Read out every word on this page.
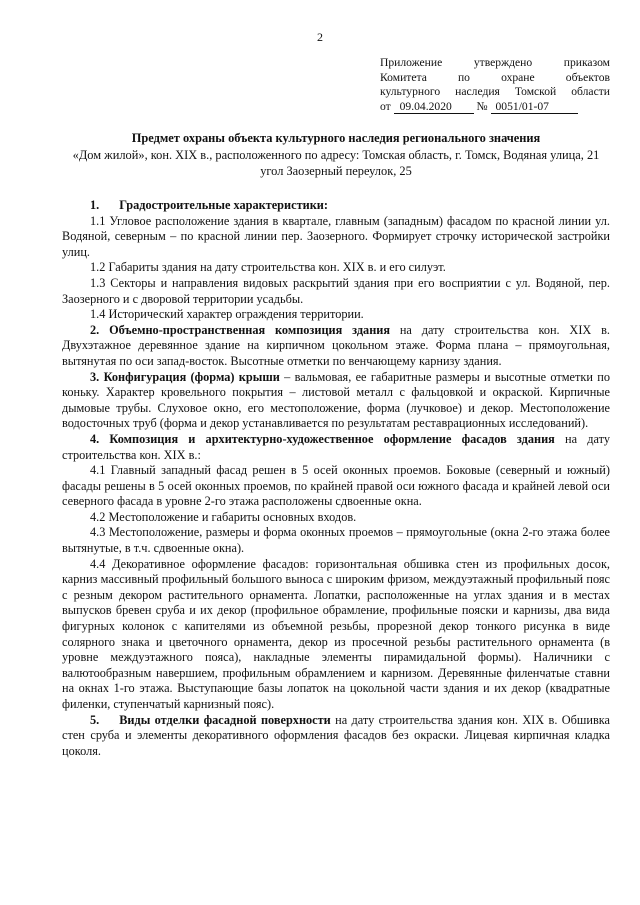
2
Приложение утверждено приказом
Комитета по охране объектов
культурного наследия Томской области
от 09.04.2020 № 0051/01-07
Предмет охраны объекта культурного наследия регионального значения
«Дом жилой», кон. XIX в., расположенного по адресу: Томская область, г. Томск, Водяная улица, 21 угол Заозерный переулок, 25

1. Градостроительные характеристики:

1.1 Угловое расположение здания в квартале, главным (западным) фасадом по красной линии ул. Водяной, северным – по красной линии пер. Заозерного. Формирует строчку исторической застройки улиц.

1.2 Габариты здания на дату строительства кон. XIX в. и его силуэт.

1.3 Секторы и направления видовых раскрытий здания при его восприятии с ул. Водяной, пер. Заозерного и с дворовой территории усадьбы.

1.4 Исторический характер ограждения территории.

2. Объемно-пространственная композиция здания на дату строительства кон. XIX в. Двухэтажное деревянное здание на кирпичном цокольном этаже. Форма плана – прямоугольная, вытянутая по оси запад-восток. Высотные отметки по венчающему карнизу здания.

3. Конфигурация (форма) крыши – вальмовая, ее габаритные размеры и высотные отметки по коньку. Характер кровельного покрытия – листовой металл с фальцовкой и окраской. Кирпичные дымовые трубы. Слуховое окно, его местоположение, форма (лучковое) и декор. Местоположение водосточных труб (форма и декор устанавливается по результатам реставрационных исследований).

4. Композиция и архитектурно-художественное оформление фасадов здания на дату строительства кон. XIX в.:

4.1 Главный западный фасад решен в 5 осей оконных проемов. Боковые (северный и южный) фасады решены в 5 осей оконных проемов, по крайней правой оси южного фасада и крайней левой оси северного фасада в уровне 2-го этажа расположены сдвоенные окна.

4.2 Местоположение и габариты основных входов.

4.3 Местоположение, размеры и форма оконных проемов – прямоугольные (окна 2-го этажа более вытянутые, в т.ч. сдвоенные окна).

4.4 Декоративное оформление фасадов: горизонтальная обшивка стен из профильных досок, карниз массивный профильный большого выноса с широким фризом, междуэтажный профильный пояс с резным декором растительного орнамента. Лопатки, расположенные на углах здания и в местах выпусков бревен сруба и их декор (профильное обрамление, профильные пояски и карнизы, два вида фигурных колонок с капителями из объемной резьбы, прорезной декор тонкого рисунка в виде солярного знака и цветочного орнамента, декор из просечной резьбы растительного орнамента (в уровне междуэтажного пояса), накладные элементы пирамидальной формы). Наличники с валютообразным навершием, профильным обрамлением и карнизом. Деревянные филенчатые ставни на окнах 1-го этажа. Выступающие базы лопаток на цокольной части здания и их декор (квадратные филенки, ступенчатый карнизный пояс).

5. Виды отделки фасадной поверхности на дату строительства здания кон. XIX в. Обшивка стен сруба и элементы декоративного оформления фасадов без окраски. Лицевая кирпичная кладка цоколя.
